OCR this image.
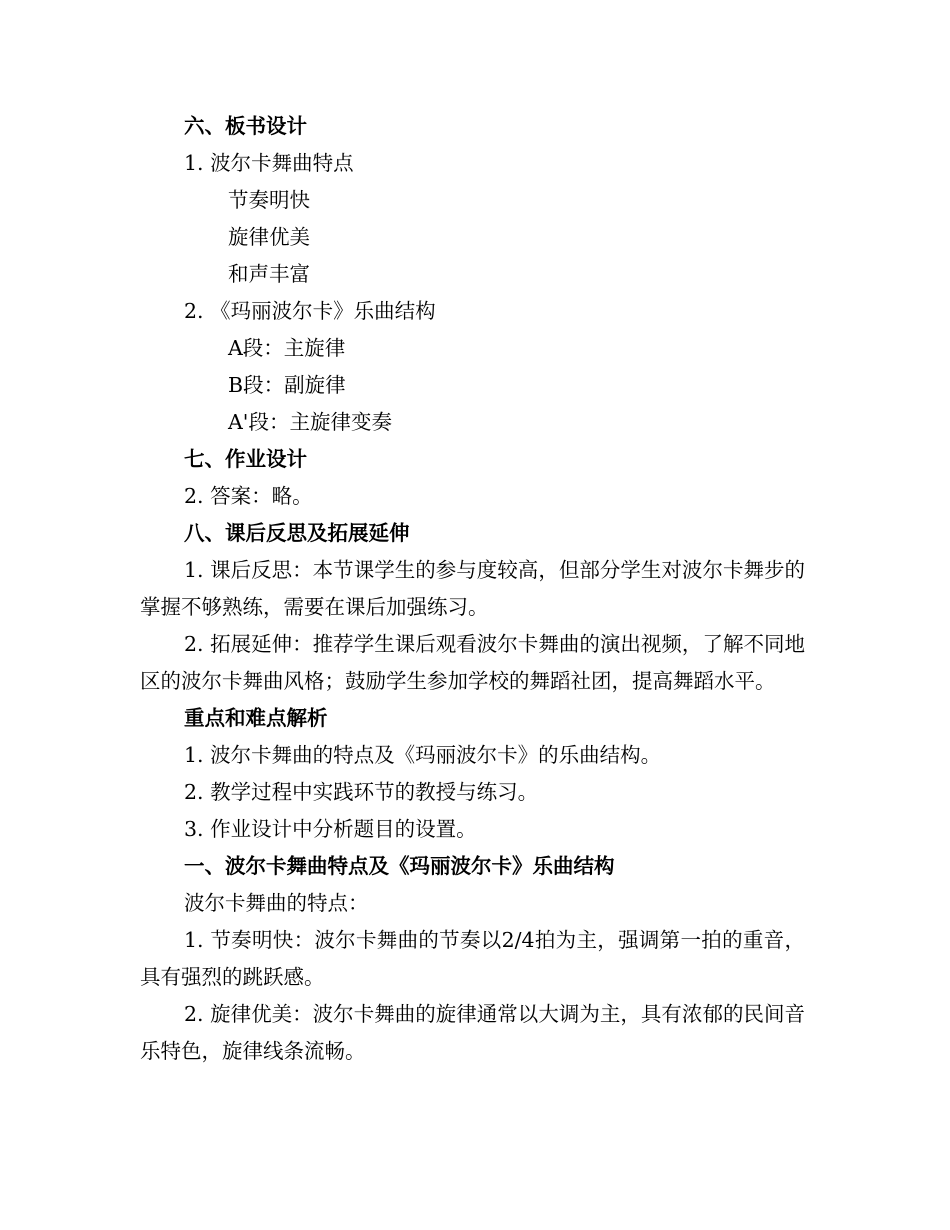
六、板书设计

1. 波尔卡舞曲特点

节奏明快

旋律优美

和声丰富

2. 《玛丽波尔卡》乐曲结构

A段：主旋律

B段：副旋律

A'段：主旋律变奏

七、作业设计

2. 答案：略。

八、课后反思及拓展延伸

1. 课后反思：本节课学生的参与度较高，但部分学生对波尔卡舞步的掌握不够熟练，需要在课后加强练习。

2. 拓展延伸：推荐学生课后观看波尔卡舞曲的演出视频，了解不同地区的波尔卡舞曲风格；鼓励学生参加学校的舞蹈社团，提高舞蹈水平。

重点和难点解析

1. 波尔卡舞曲的特点及《玛丽波尔卡》的乐曲结构。

2. 教学过程中实践环节的教授与练习。

3. 作业设计中分析题目的设置。

一、波尔卡舞曲特点及《玛丽波尔卡》乐曲结构

波尔卡舞曲的特点：

1. 节奏明快：波尔卡舞曲的节奏以2/4拍为主，强调第一拍的重音，具有强烈的跳跃感。

2. 旋律优美：波尔卡舞曲的旋律通常以大调为主，具有浓郁的民间音乐特色，旋律线条流畅。
